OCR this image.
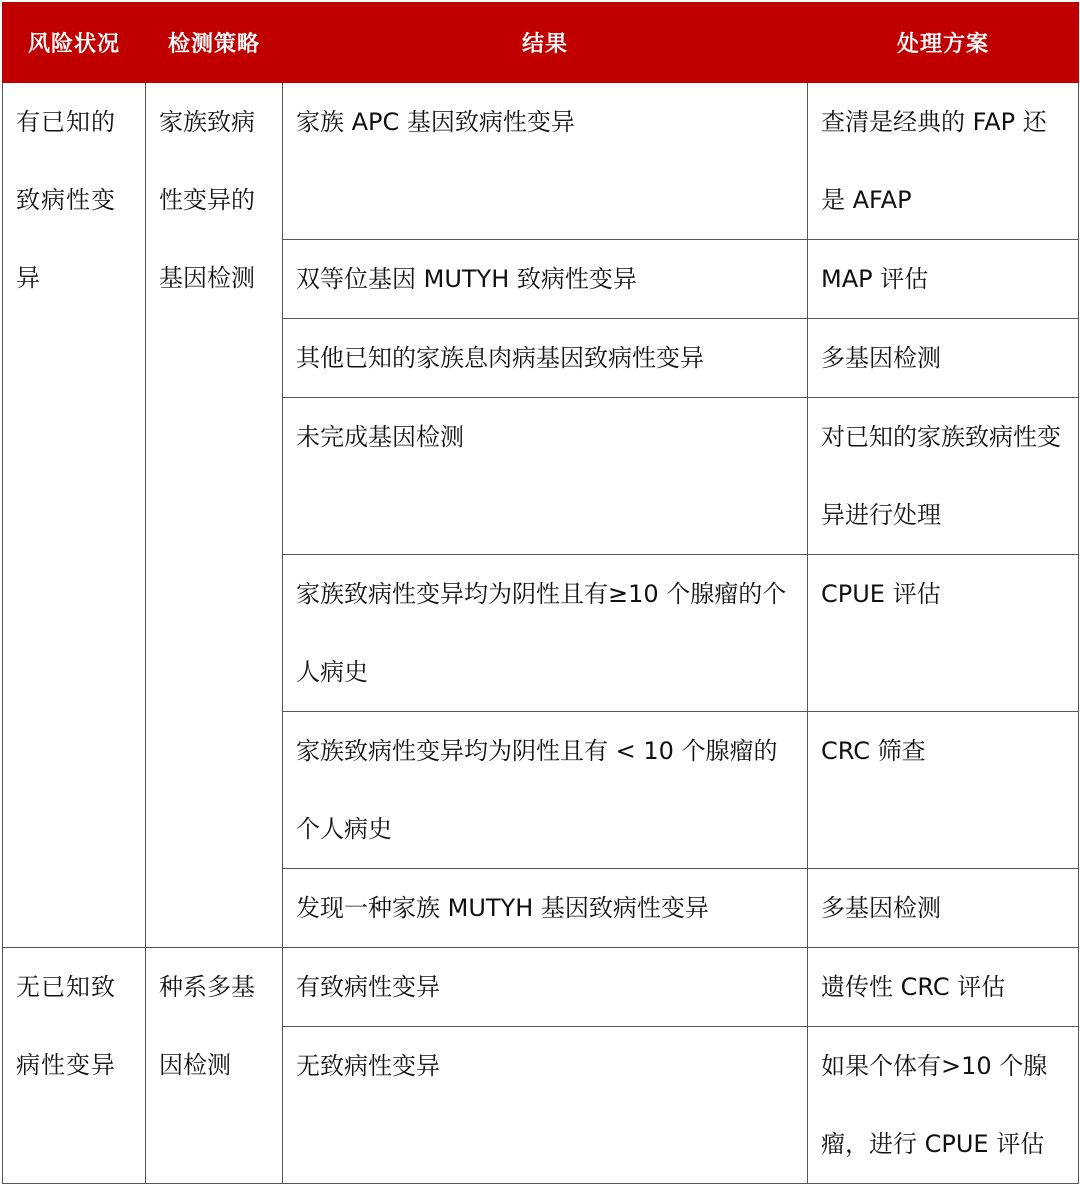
风险状况	检测策略	结果	处理方案
有已知的致病性变异	家族致病性变异的基因检测	家族 APC 基因致病性变异	查清是经典的 FAP 还是 AFAP
		双等位基因 MUTYH 致病性变异	MAP 评估
		其他已知的家族息肉病基因致病性变异	多基因检测
		未完成基因检测	对已知的家族致病性变异进行处理
		家族致病性变异均为阴性且有≥10 个腺瘤的个人病史	CPUE 评估
		家族致病性变异均为阴性且有 < 10 个腺瘤的个人病史	CRC 筛查
		发现一种家族 MUTYH 基因致病性变异	多基因检测
无已知致病性变异	种系多基因检测	有致病性变异	遗传性 CRC 评估
		无致病性变异	如果个体有>10 个腺瘤，进行 CPUE 评估
